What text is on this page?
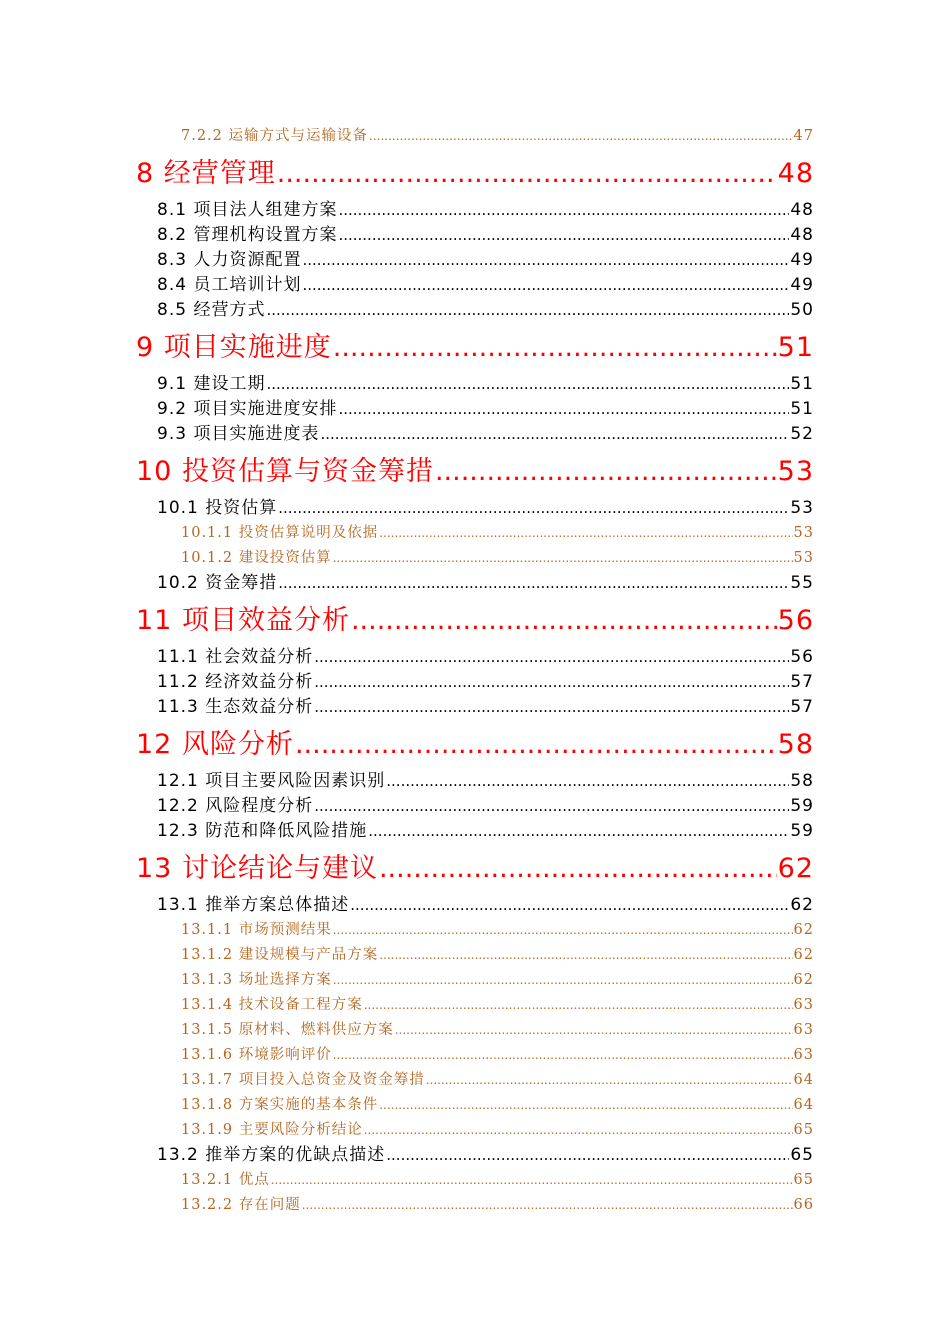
7.2.2 运输方式与运输设备 .....	47
8 经营管理 .....	48
8.1 项目法人组建方案 .....	48
8.2 管理机构设置方案 .....	48
8.3 人力资源配置 .....	49
8.4 员工培训计划 .....	49
8.5 经营方式 .....	50
9 项目实施进度 .....	51
9.1 建设工期 .....	51
9.2 项目实施进度安排 .....	51
9.3 项目实施进度表 .....	52
10 投资估算与资金筹措 .....	53
10.1 投资估算 .....	53
10.1.1 投资估算说明及依据 .....	53
10.1.2 建设投资估算 .....	53
10.2 资金筹措 .....	55
11 项目效益分析 .....	56
11.1 社会效益分析 .....	56
11.2 经济效益分析 .....	57
11.3 生态效益分析 .....	57
12 风险分析 .....	58
12.1 项目主要风险因素识别 .....	58
12.2 风险程度分析 .....	59
12.3 防范和降低风险措施 .....	59
13 讨论结论与建议 .....	62
13.1 推举方案总体描述 .....	62
13.1.1 市场预测结果 .....	62
13.1.2 建设规模与产品方案 .....	62
13.1.3 场址选择方案 .....	62
13.1.4 技术设备工程方案 .....	63
13.1.5 原材料、燃料供应方案 .....	63
13.1.6 环境影响评价 .....	63
13.1.7 项目投入总资金及资金筹措 .....	64
13.1.8 方案实施的基本条件 .....	64
13.1.9 主要风险分析结论 .....	65
13.2 推举方案的优缺点描述 .....	65
13.2.1 优点 .....	65
13.2.2 存在问题 .....	66
